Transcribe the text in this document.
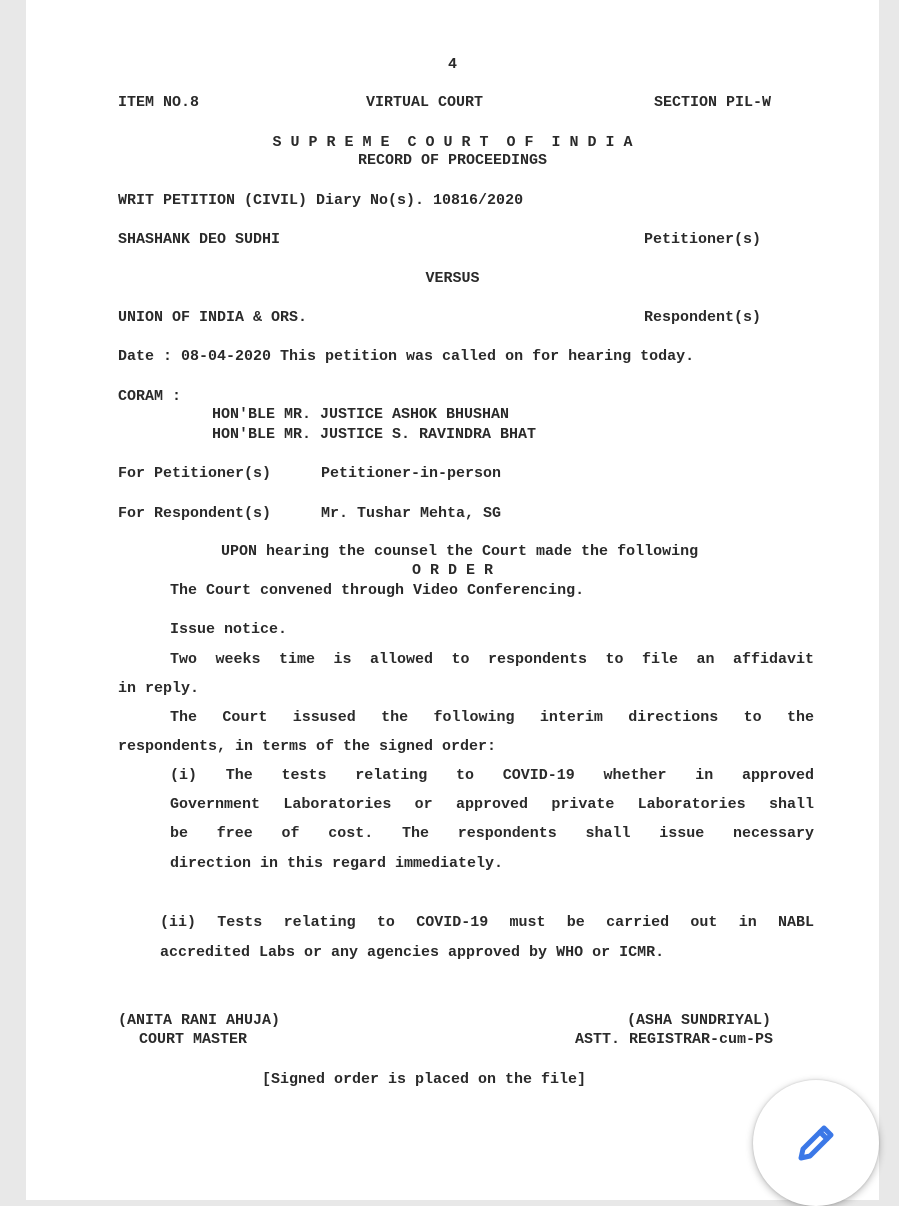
4
ITEM NO.8	VIRTUAL COURT	SECTION PIL-W
S U P R E M E  C O U R T  O F  I N D I A
RECORD OF PROCEEDINGS
WRIT PETITION (CIVIL) Diary No(s). 10816/2020
SHASHANK DEO SUDHI	Petitioner(s)
VERSUS
UNION OF INDIA & ORS.	Respondent(s)
Date : 08-04-2020 This petition was called on for hearing today.
CORAM :
HON'BLE MR. JUSTICE ASHOK BHUSHAN
HON'BLE MR. JUSTICE S. RAVINDRA BHAT
For Petitioner(s)	Petitioner-in-person
For Respondent(s)	Mr. Tushar Mehta, SG
UPON hearing the counsel the Court made the following
O R D E R
The Court convened through Video Conferencing.
Issue notice.
Two weeks time is allowed to respondents to file an affidavit
in reply.
The Court issused the following interim directions to the
respondents, in terms of the signed order:
(i) The tests relating to COVID-19 whether in approved
Government Laboratories or approved private Laboratories shall
be free of cost. The respondents shall issue necessary
direction in this regard immediately.
(ii) Tests relating to COVID-19 must be carried out in NABL
accredited Labs or any agencies approved by WHO or ICMR.
(ANITA RANI AHUJA)
COURT MASTER
(ASHA SUNDRIYAL)
ASTT. REGISTRAR-cum-PS
[Signed order is placed on the file]
